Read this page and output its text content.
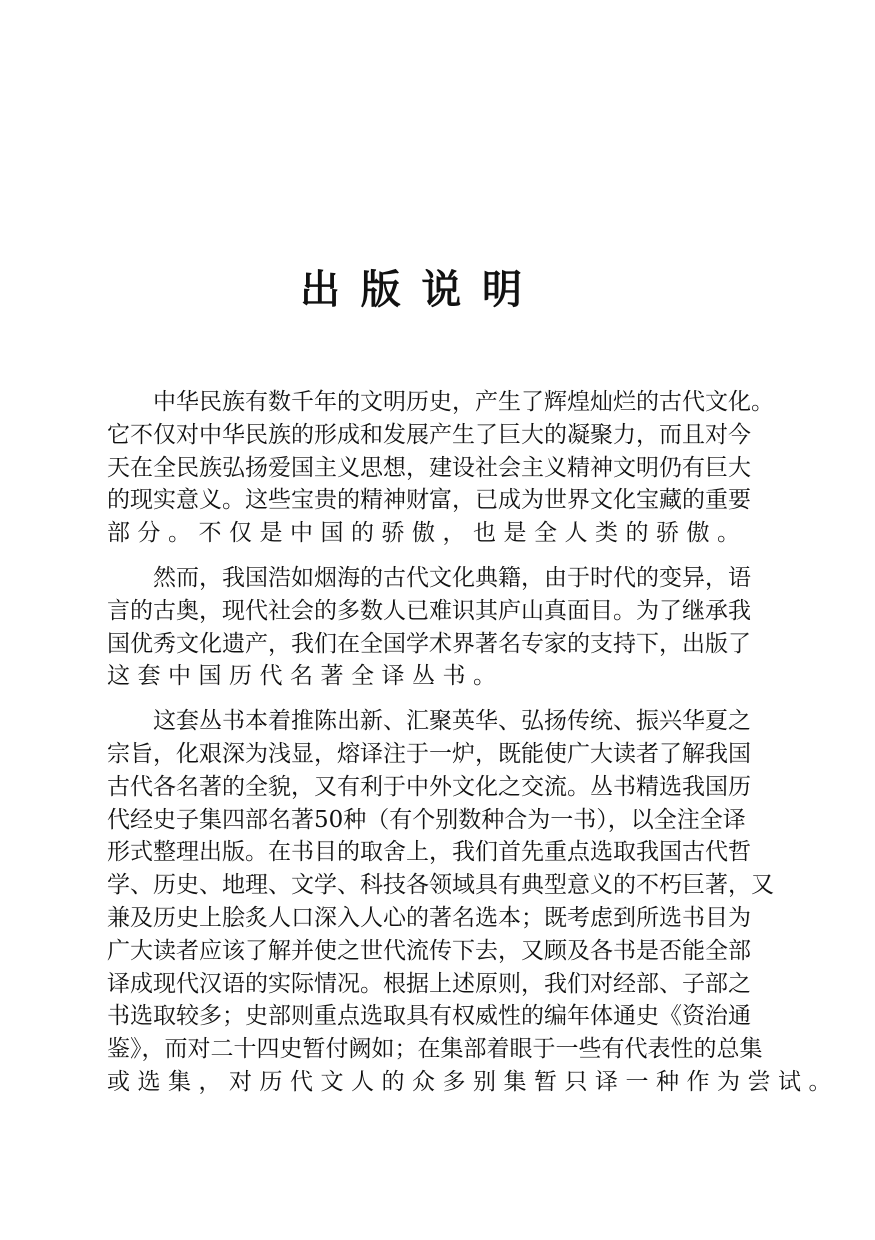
出版说明
中华民族有数千年的文明历史，产生了辉煌灿烂的古代文化。
它不仅对中华民族的形成和发展产生了巨大的凝聚力，而且对今
天在全民族弘扬爱国主义思想，建设社会主义精神文明仍有巨大
的现实意义。这些宝贵的精神财富，已成为世界文化宝藏的重要
部分。不仅是中国的骄傲，也是全人类的骄傲。
然而，我国浩如烟海的古代文化典籍，由于时代的变异，语
言的古奥，现代社会的多数人已难识其庐山真面目。为了继承我
国优秀文化遗产，我们在全国学术界著名专家的支持下，出版了
这套中国历代名著全译丛书。
这套丛书本着推陈出新、汇聚英华、弘扬传统、振兴华夏之
宗旨，化艰深为浅显，熔译注于一炉，既能使广大读者了解我国
古代各名著的全貌，又有利于中外文化之交流。丛书精选我国历
代经史子集四部名著50种（有个别数种合为一书），以全注全译
形式整理出版。在书目的取舍上，我们首先重点选取我国古代哲
学、历史、地理、文学、科技各领域具有典型意义的不朽巨著，又
兼及历史上脍炙人口深入人心的著名选本；既考虑到所选书目为
广大读者应该了解并使之世代流传下去，又顾及各书是否能全部
译成现代汉语的实际情况。根据上述原则，我们对经部、子部之
书选取较多；史部则重点选取具有权威性的编年体通史《资治通
鉴》，而对二十四史暂付阙如；在集部着眼于一些有代表性的总集
或选集，对历代文人的众多别集暂只译一种作为尝试。
